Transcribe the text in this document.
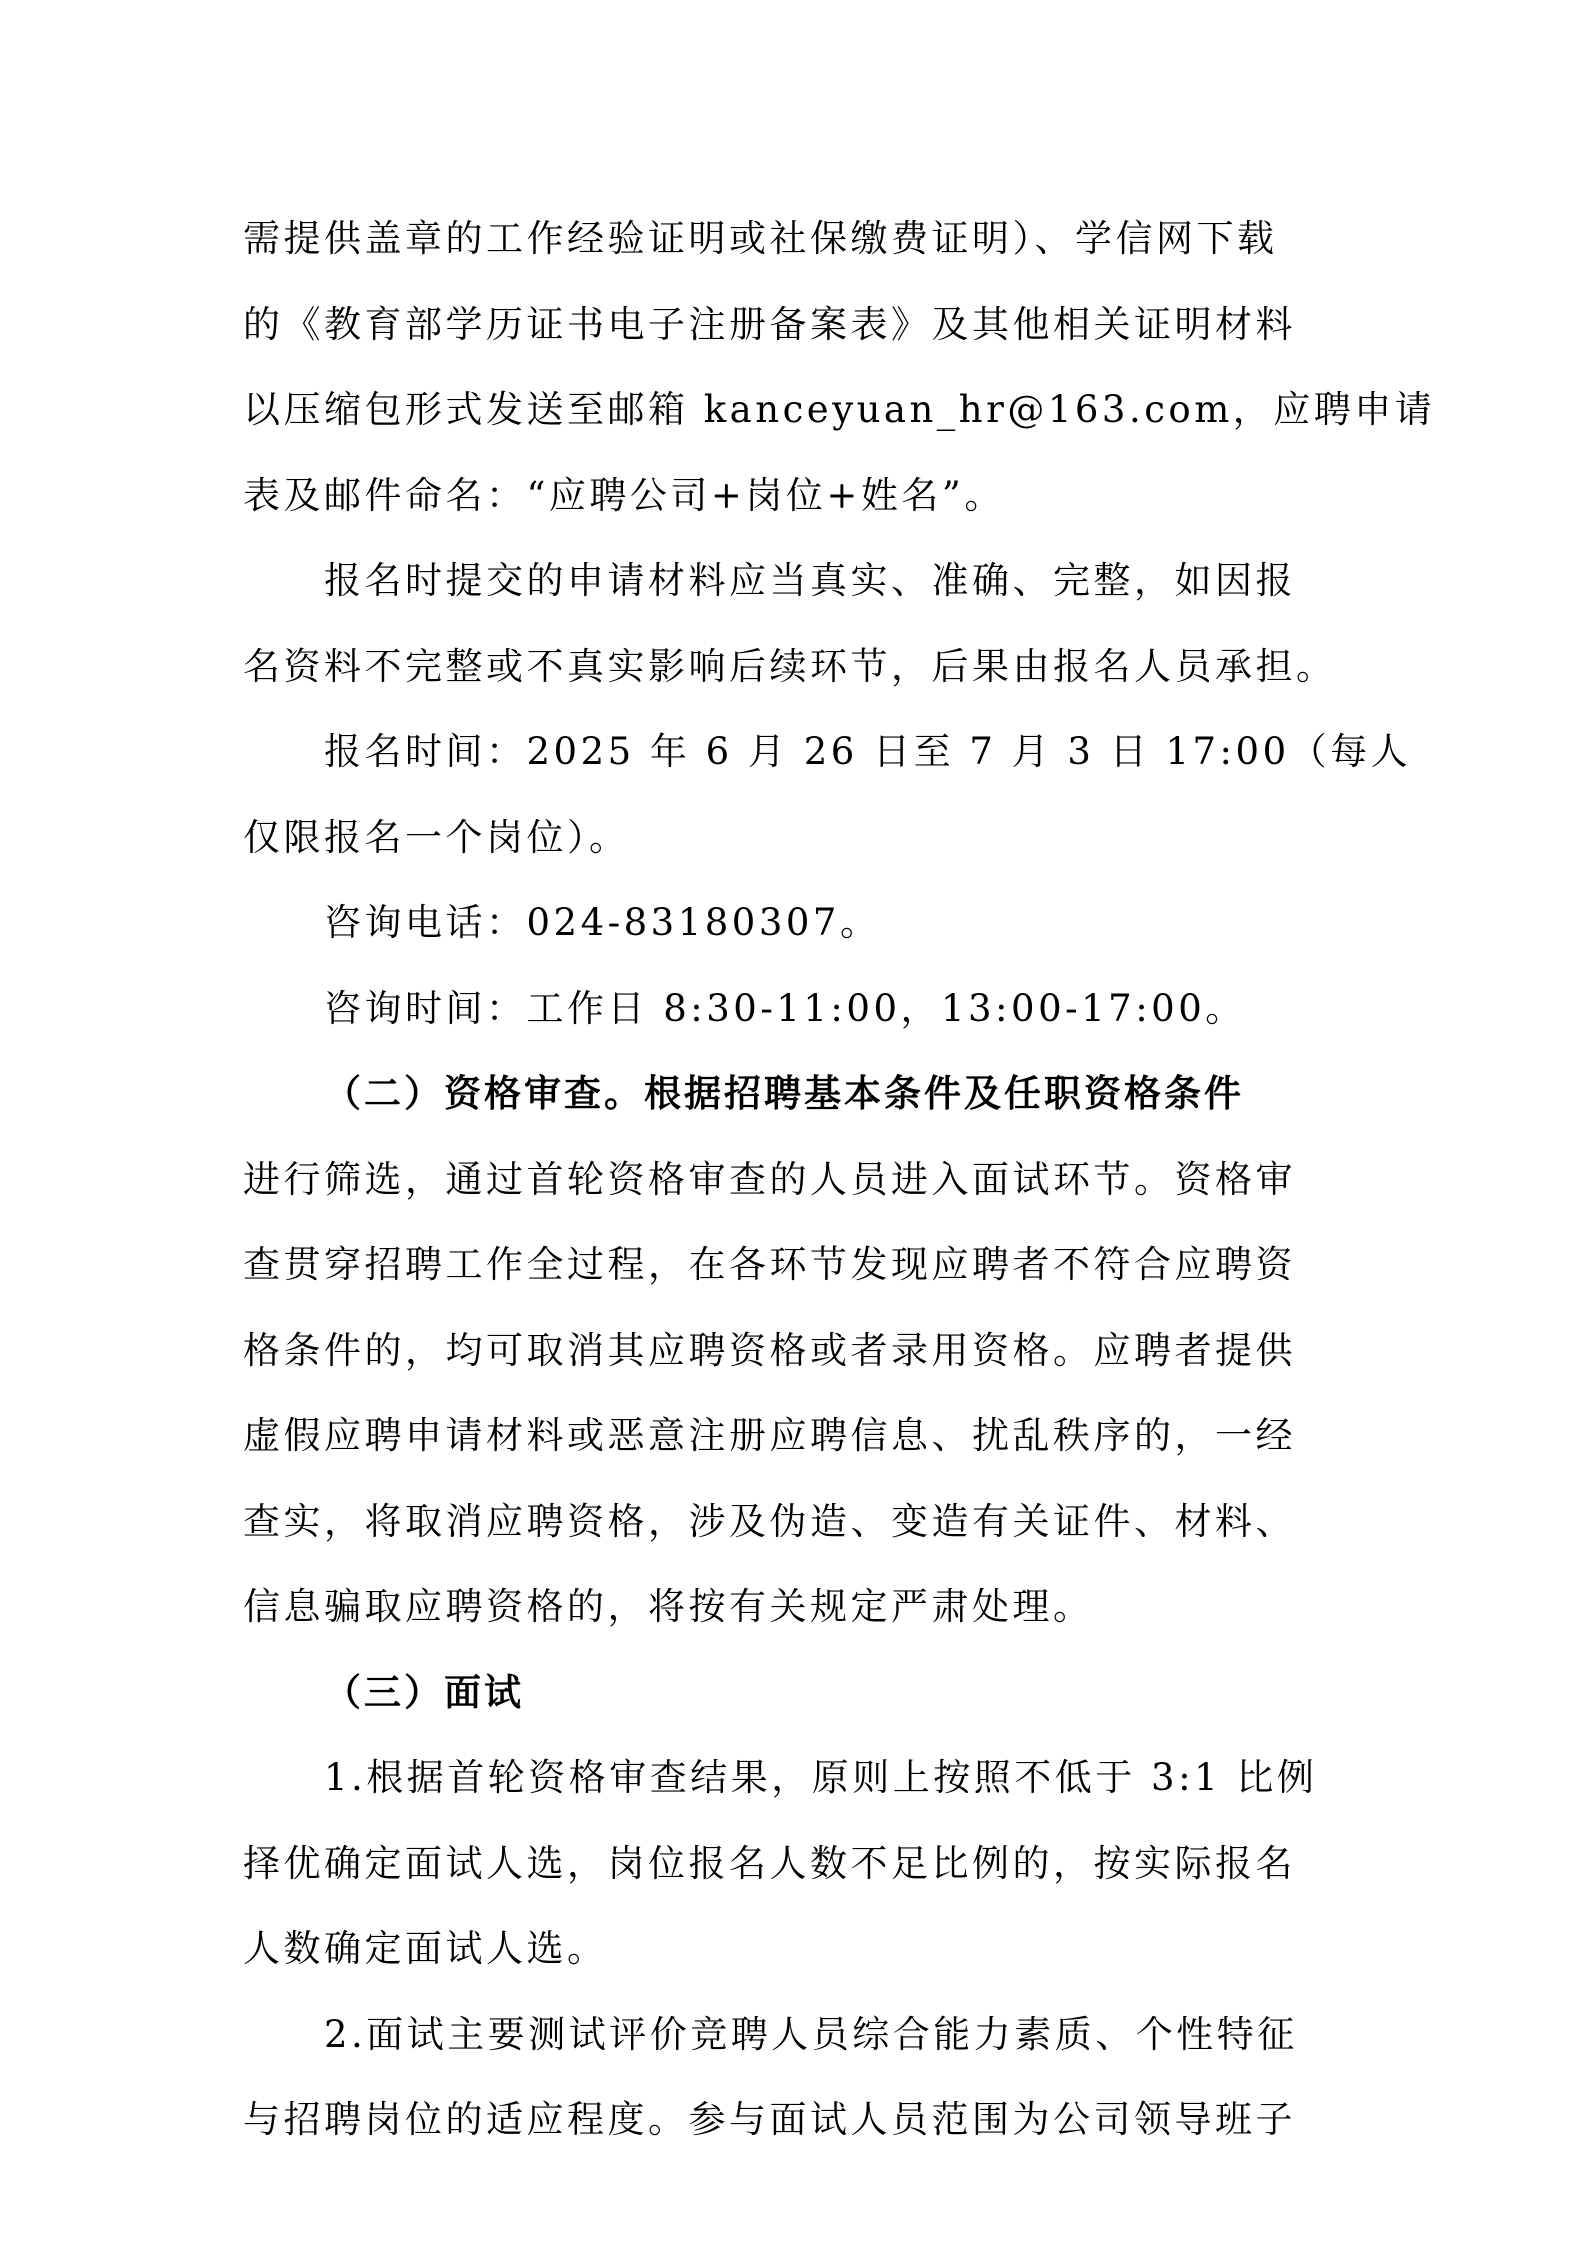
需提供盖章的工作经验证明或社保缴费证明）、学信网下载
的《教育部学历证书电子注册备案表》及其他相关证明材料
以压缩包形式发送至邮箱 kanceyuan_hr@163.com，应聘申请
表及邮件命名：“应聘公司+岗位+姓名”。
报名时提交的申请材料应当真实、准确、完整，如因报
名资料不完整或不真实影响后续环节，后果由报名人员承担。
报名时间：2025 年 6 月 26 日至 7 月 3 日 17:00（每人
仅限报名一个岗位）。
咨询电话：024-83180307。
咨询时间：工作日 8:30-11:00，13:00-17:00。
（二）资格审查。根据招聘基本条件及任职资格条件
进行筛选，通过首轮资格审查的人员进入面试环节。资格审
查贯穿招聘工作全过程，在各环节发现应聘者不符合应聘资
格条件的，均可取消其应聘资格或者录用资格。应聘者提供
虚假应聘申请材料或恶意注册应聘信息、扰乱秩序的，一经
查实，将取消应聘资格，涉及伪造、变造有关证件、材料、
信息骗取应聘资格的，将按有关规定严肃处理。
（三）面试
1.根据首轮资格审查结果，原则上按照不低于 3:1 比例
择优确定面试人选，岗位报名人数不足比例的，按实际报名
人数确定面试人选。
2.面试主要测试评价竞聘人员综合能力素质、个性特征
与招聘岗位的适应程度。参与面试人员范围为公司领导班子
